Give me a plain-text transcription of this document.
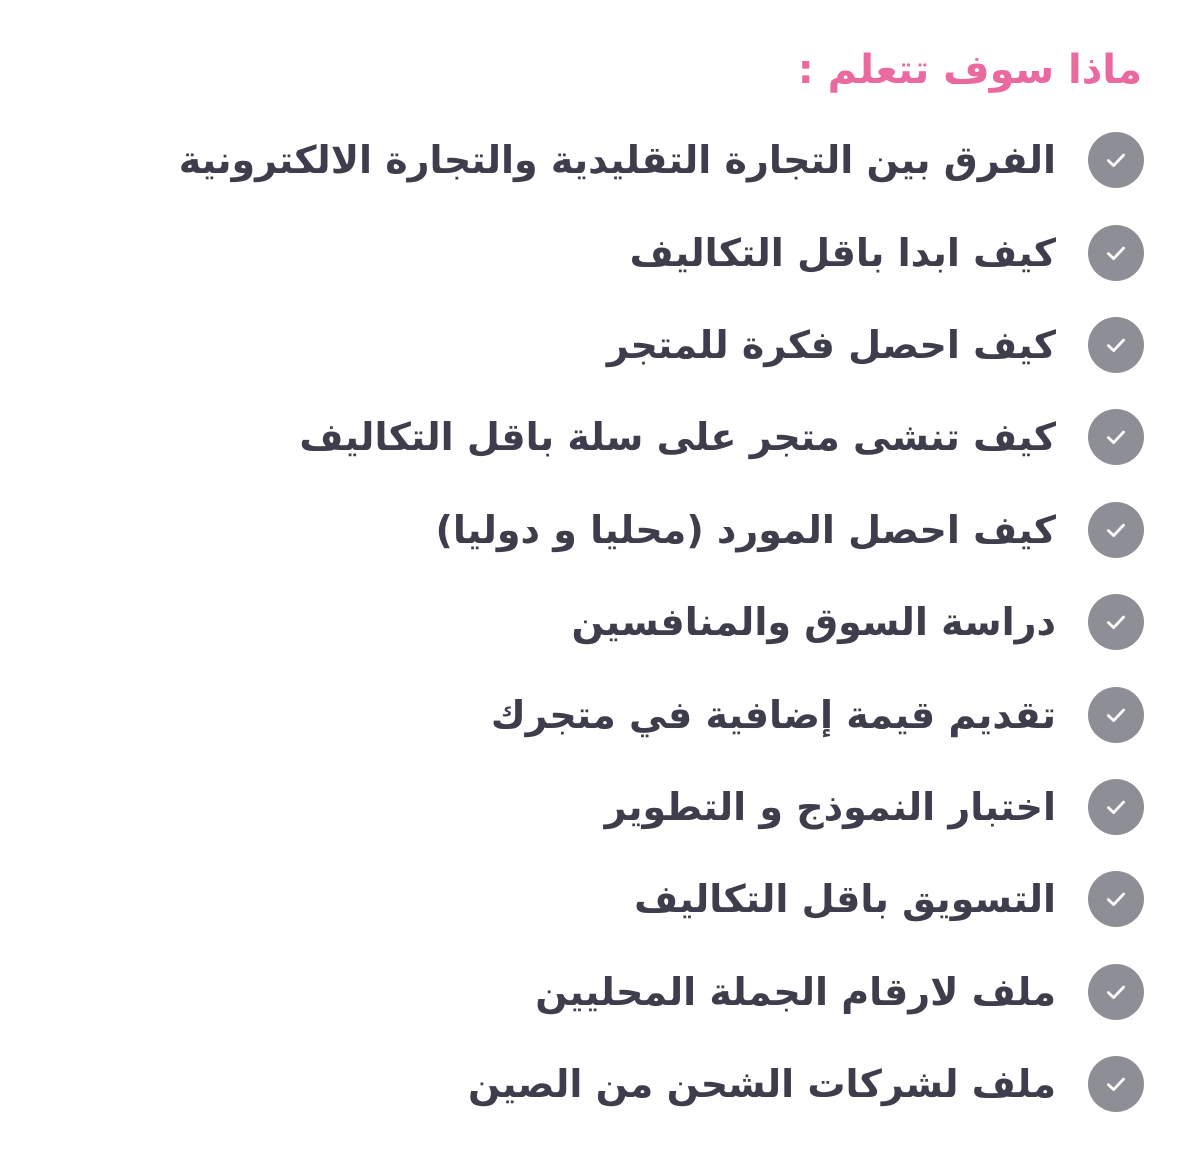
ماذا سوف تتعلم :
الفرق بين التجارة التقليدية والتجارة الالكترونية
كيف ابدا باقل التكاليف
كيف احصل فكرة للمتجر
كيف تنشى متجر على سلة باقل التكاليف
كيف احصل المورد (محليا و دوليا)
دراسة السوق والمنافسين
تقديم قيمة إضافية في متجرك
اختبار النموذج و التطوير
التسويق باقل التكاليف
ملف لارقام الجملة المحليين
ملف لشركات الشحن من الصين
